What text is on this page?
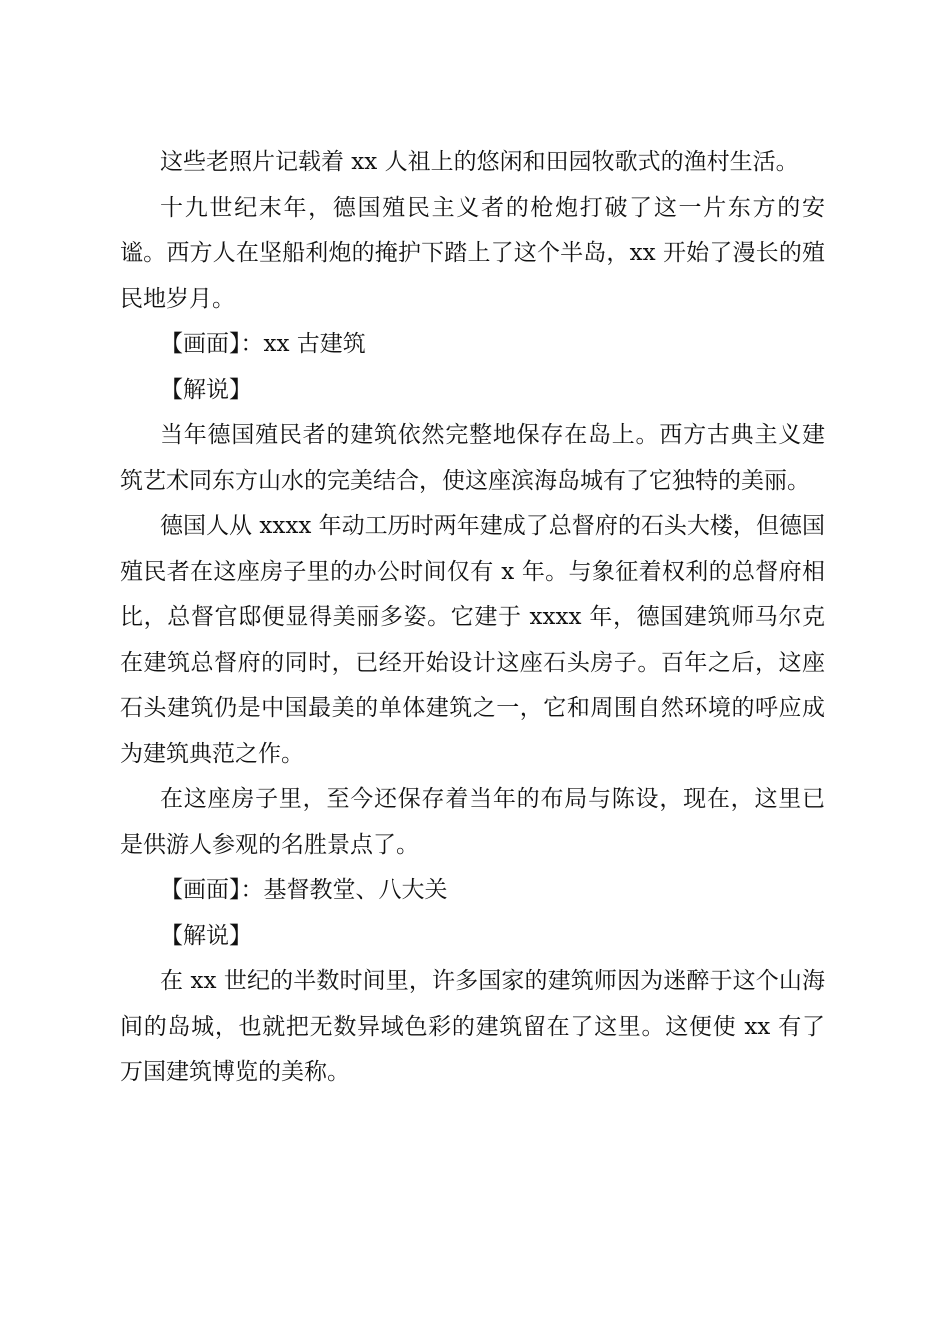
这些老照片记载着 xx 人祖上的悠闲和田园牧歌式的渔村生活。

十九世纪末年，德国殖民主义者的枪炮打破了这一片东方的安谧。西方人在坚船利炮的掩护下踏上了这个半岛，xx 开始了漫长的殖民地岁月。

【画面】：xx 古建筑

【解说】

当年德国殖民者的建筑依然完整地保存在岛上。西方古典主义建筑艺术同东方山水的完美结合，使这座滨海岛城有了它独特的美丽。

德国人从 xxxx 年动工历时两年建成了总督府的石头大楼，但德国殖民者在这座房子里的办公时间仅有 x 年。与象征着权利的总督府相比，总督官邸便显得美丽多姿。它建于 xxxx 年，德国建筑师马尔克在建筑总督府的同时，已经开始设计这座石头房子。百年之后，这座石头建筑仍是中国最美的单体建筑之一，它和周围自然环境的呼应成为建筑典范之作。

在这座房子里，至今还保存着当年的布局与陈设，现在，这里已是供游人参观的名胜景点了。

【画面】：基督教堂、八大关

【解说】

在 xx 世纪的半数时间里，许多国家的建筑师因为迷醉于这个山海间的岛城，也就把无数异域色彩的建筑留在了这里。这便使 xx 有了万国建筑博览的美称。
